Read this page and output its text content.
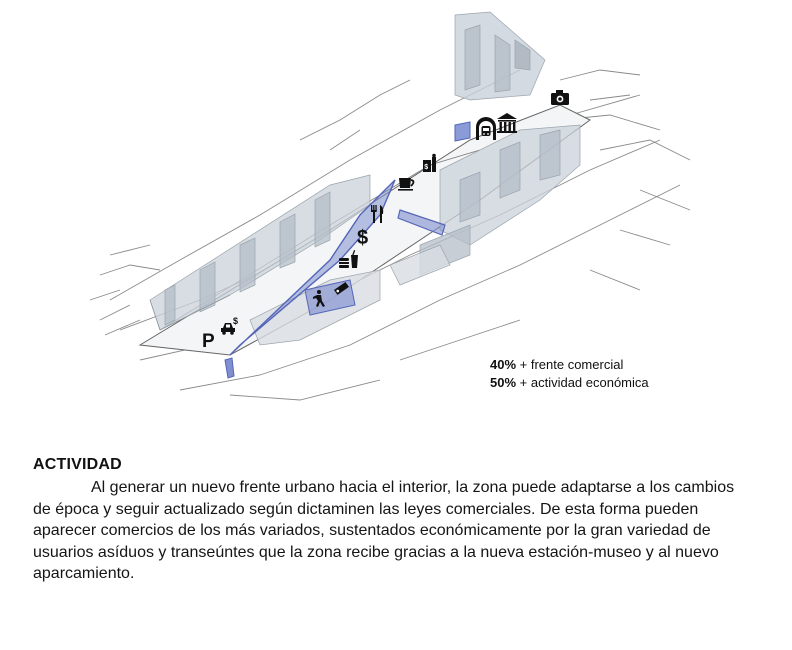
$
$
P
$
40% + frente comercial
50% + actividad económica
ACTIVIDAD

Al generar un nuevo frente urbano hacia el interior, la zona puede adaptarse a los cambios de época y seguir actualizado según dictaminen las leyes comerciales. De esta forma pueden aparecer comercios de los más variados, sustentados económicamente por la gran variedad de usuarios asíduos y transeúntes que la zona recibe gracias a la nueva estación-museo y al nuevo aparcamiento.
